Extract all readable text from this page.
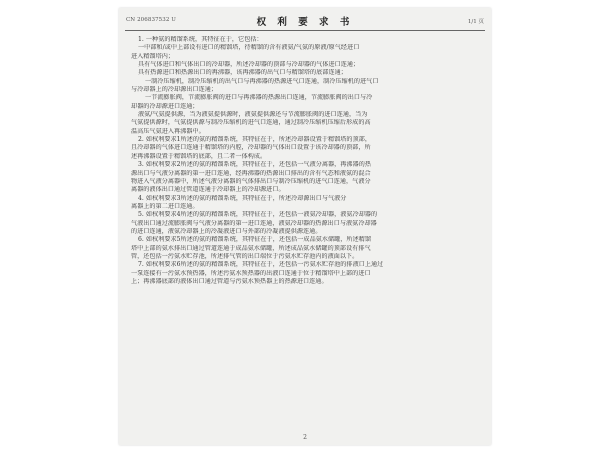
CN 206837532 U	权 利 要 求 书	1/1 页
1. 一种氨的精馏系统，其特征在于，它包括：
一中部和/或中上部设有进口的精馏塔，待精馏的含有液氨/气氨的原液/原气经进口
进入精馏塔内；
具有气体进口和气体出口的冷却器，所述冷却器的顶部与冷却器的气体进口连通；
具有热源进口和热源出口的再沸器，该再沸器的出气口与精馏塔的底部连通；
一制冷压缩机，制冷压缩机的出气口与再沸器的热源进气口连通，制冷压缩机的进气口
与冷却器上的冷却源出口连通；
一节流膨胀阀，节流膨胀阀的进口与再沸器的热源出口连通，节流膨胀阀的出口与冷
却器的冷却源进口连通；
液氨/气氨提供源，当为液氨提供源时，液氨提供源还与节流膨胀阀的进口连通，当为
气氨提供源时，气氨提供源与制冷压缩机的进气口连通，通过制冷压缩机压缩后形成的高
温高压气氨进入再沸器中。
2. 如权利要求1所述的氨的精馏系统，其特征在于，所述冷却器设置于精馏塔的顶部，
且冷却器的气体进口连通于精馏塔的内腔，冷却器的气体出口设置于该冷却器的顶部，所
述再沸器设置于精馏塔的底部，且二者一体构成。
3. 如权利要求2所述的氨的精馏系统，其特征在于，还包括一气液分离器，再沸器的热
源出口与气液分离器的第一进口连通，经再沸器的热源出口排出的含有气态和液氨的混合
物进入气液分离器中，所述气液分离器的气体排出口与制冷压缩机的进气口连通，气液分
离器的液体出口通过管道连通于冷却器上的冷却源进口。
4. 如权利要求3所述的氨的精馏系统，其特征在于，所述冷却源出口与气液分
离器上的第二进口连通。
5. 如权利要求4所述的氨的精馏系统，其特征在于，还包括一液氨冷却器，液氨冷却器的
气液出口通过流膨胀阀与气液分离器的第一进口连通，液氨冷却器的热源出口与液氨冷却器
的进口连通，液氨冷却器上的冷凝液进口与外部的冷凝液提供源连通。
6. 如权利要求5所述的氨的精馏系统，其特征在于，还包括一成品氨水储罐，所述精馏
塔中上部的氨水排出口通过管道连通于成品氨水储罐，所述成品氨水储罐的顶部设有排气
管，还包括一污氨水贮存池，所述排气管的出口端位于污氨水贮存池内的液面以下。
7. 如权利要求6所述的氨的精馏系统，其特征在于，还包括一污氨水贮存池的排液口上通过
一泵连接有一污氨水预热器，所述污氨水预热器的出液口连通于位于精馏塔中上部的进口
上；再沸器底部的液体出口通过管道与污氨水预热器上的热源进口连通。
2
